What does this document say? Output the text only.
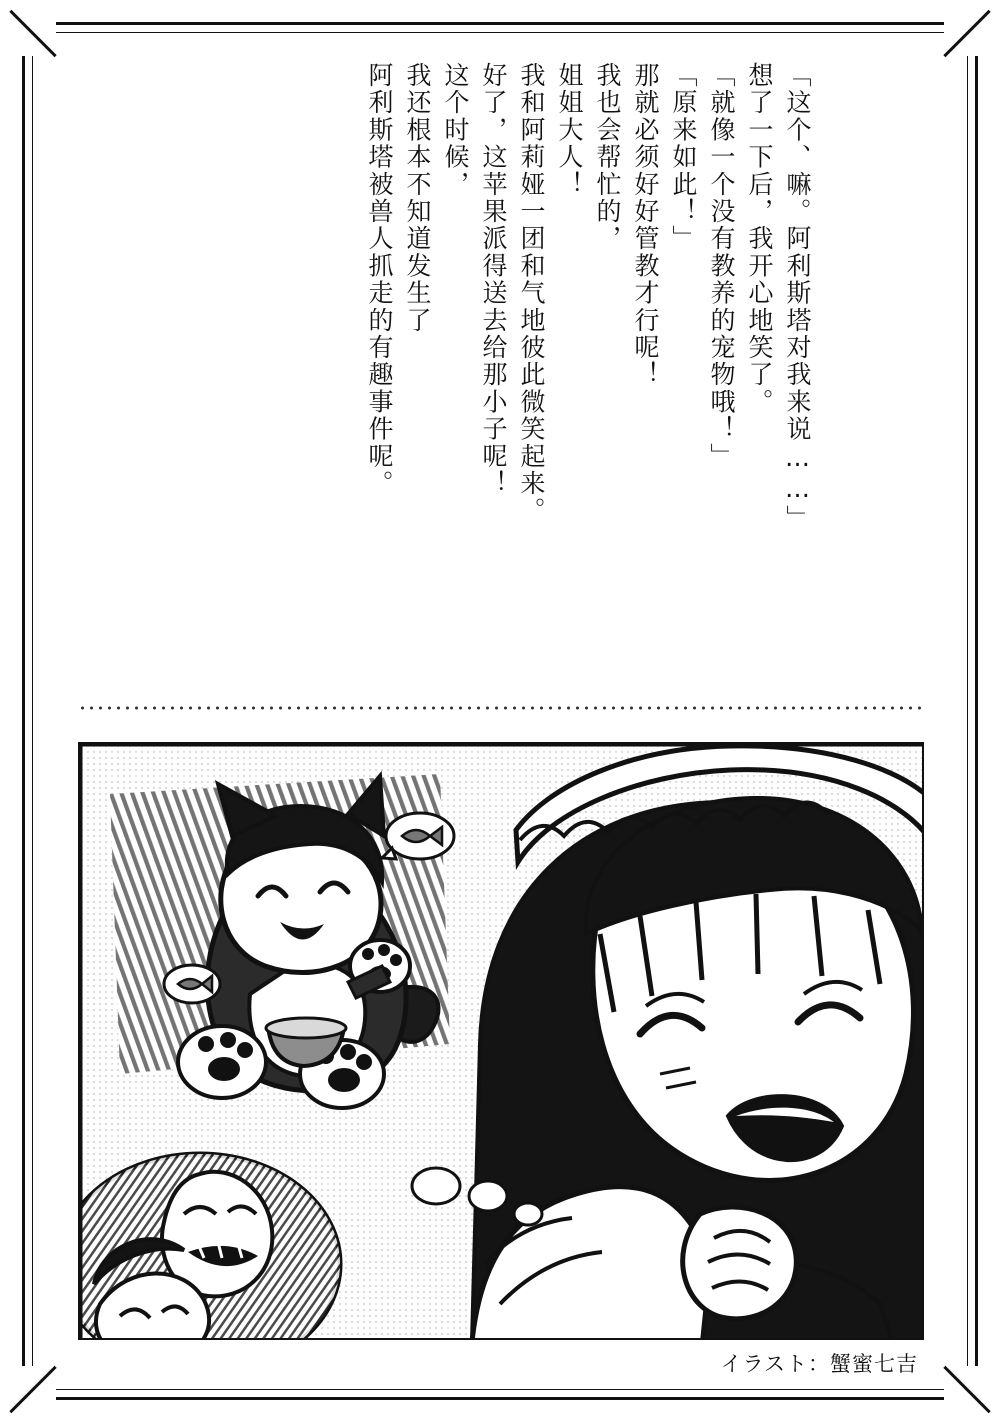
「这个、嘛。阿利斯塔对我来说……」
想了一下后，我开心地笑了。
「就像一个没有教养的宠物哦！」
「原来如此！」
那就必须好好管教才行呢！
我也会帮忙的，
姐姐大人！
我和阿莉娅一团和气地彼此微笑起来。
好了，这苹果派得送去给那小子呢！
这个时候，
我还根本不知道发生了
阿利斯塔被兽人抓走的有趣事件呢。
イラスト：蟹蜜七吉
